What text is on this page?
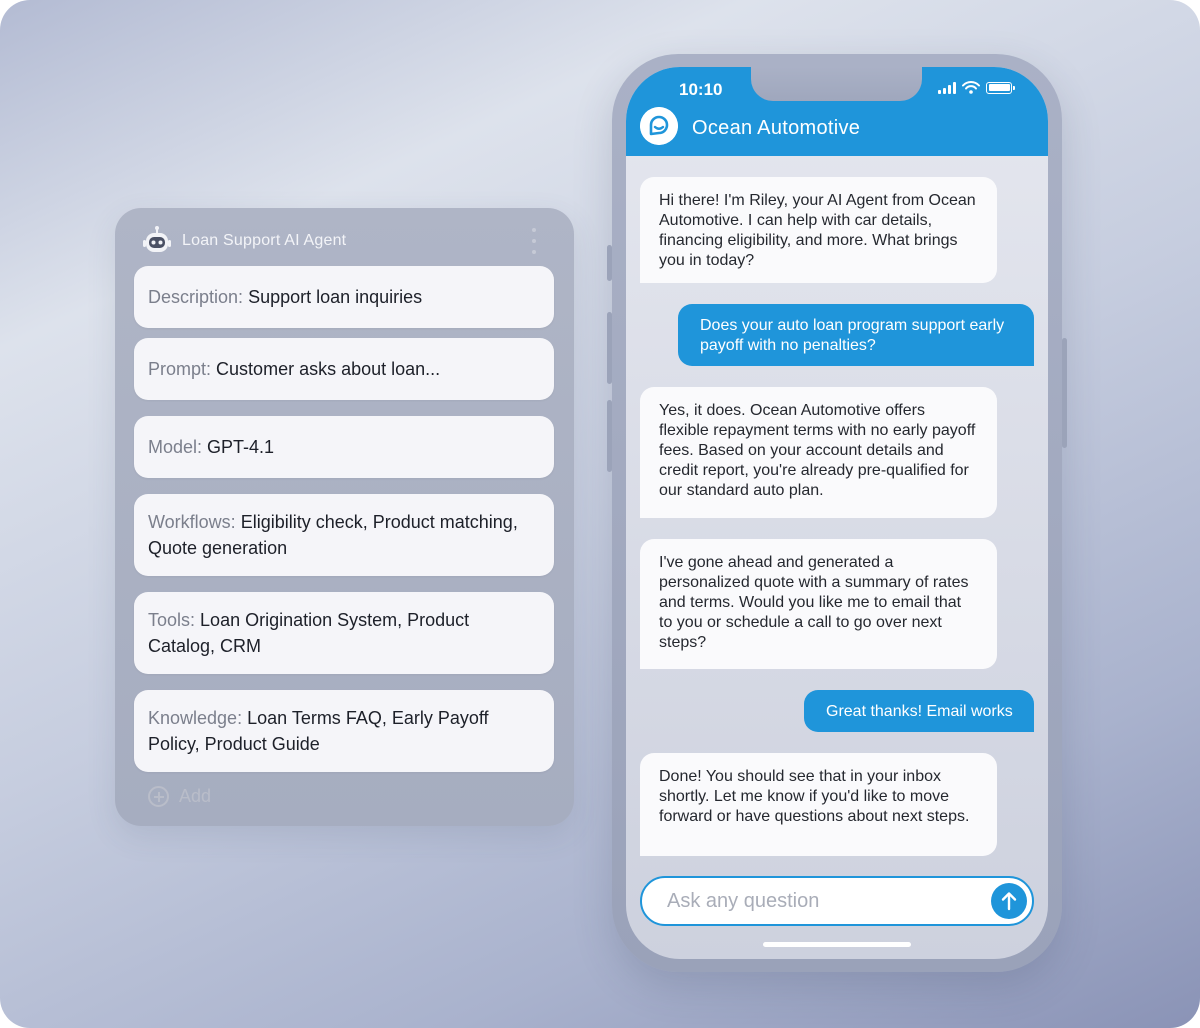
Loan Support AI Agent
Description: Support loan inquiries
Prompt: Customer asks about loan...
Model: GPT-4.1
Workflows: Eligibility check, Product matching, Quote generation
Tools: Loan Origination System, Product Catalog, CRM
Knowledge: Loan Terms FAQ, Early Payoff Policy, Product Guide
Add
10:10
Ocean Automotive
Hi there! I'm Riley, your AI Agent from Ocean Automotive. I can help with car details, financing eligibility, and more. What brings you in today?
Does your auto loan program support early payoff with no penalties?
Yes, it does. Ocean Automotive offers flexible repayment terms with no early payoff fees. Based on your account details and credit report, you're already pre-qualified for our standard auto plan.
I've gone ahead and generated a personalized quote with a summary of rates and terms. Would you like me to email that to you or schedule a call to go over next steps?
Great thanks! Email works
Done! You should see that in your inbox shortly. Let me know if you'd like to move forward or have questions about next steps.
Ask any question
